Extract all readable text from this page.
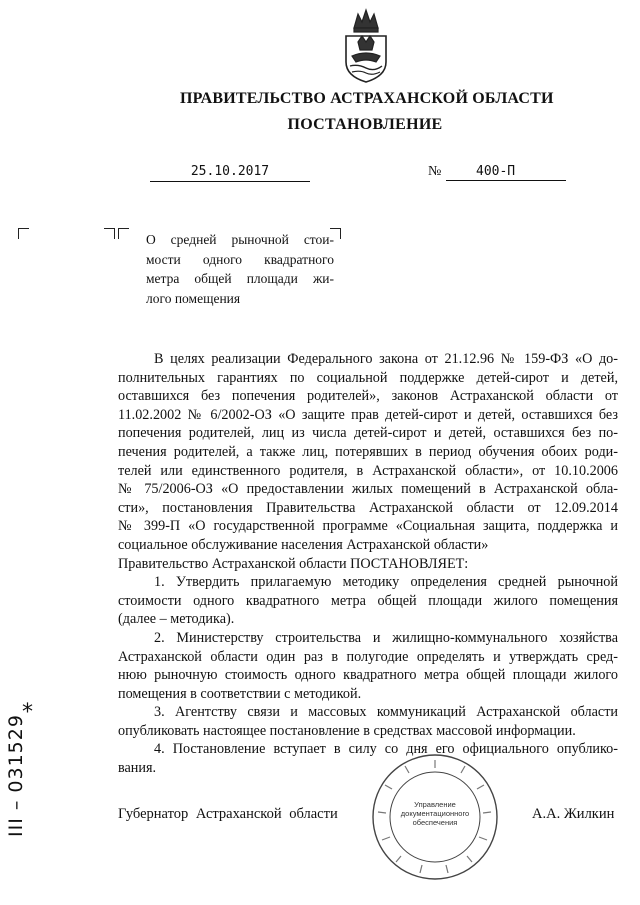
ПРАВИТЕЛЬСТВО АСТРАХАНСКОЙ ОБЛАСТИ
ПОСТАНОВЛЕНИЕ
25.10.2017	№	400-П

О средней рыночной стои-

мости одного квадратного

метра общей площади жи-

лого помещения

В целях реализации Федерального закона от 21.12.96 № 159-ФЗ «О до-
полнительных гарантиях по социальной поддержке детей-сирот и детей,
оставшихся без попечения родителей», законов Астраханской области от
11.02.2002 № 6/2002-ОЗ «О защите прав детей-сирот и детей, оставшихся без
попечения родителей, лиц из числа детей-сирот и детей, оставшихся без по-
печения родителей, а также лиц, потерявших в период обучения обоих роди-
телей или единственного родителя, в Астраханской области», от 10.10.2006
№ 75/2006-ОЗ «О предоставлении жилых помещений в Астраханской обла-
сти», постановления Правительства Астраханской области от 12.09.2014
№ 399-П «О государственной программе «Социальная защита, поддержка и
социальное обслуживание населения Астраханской области»
Правительство Астраханской области ПОСТАНОВЛЯЕТ:
1. Утвердить прилагаемую методику определения средней рыночной
стоимости одного квадратного метра общей площади жилого помещения
(далее – методика).
2. Министерству строительства и жилищно-коммунального хозяйства
Астраханской области один раз в полугодие определять и утверждать сред-
нюю рыночную стоимость одного квадратного метра общей площади жилого
помещения в соответствии с методикой.
3. Агентству связи и массовых коммуникаций Астраханской области
опубликовать настоящее постановление в средствах массовой информации.
4. Постановление вступает в силу со дня его официального опублико-
вания.
Управление
документационного
обеспечения
Губернатор Астраханской области	А.А. Жилкин
*
III – 031529
